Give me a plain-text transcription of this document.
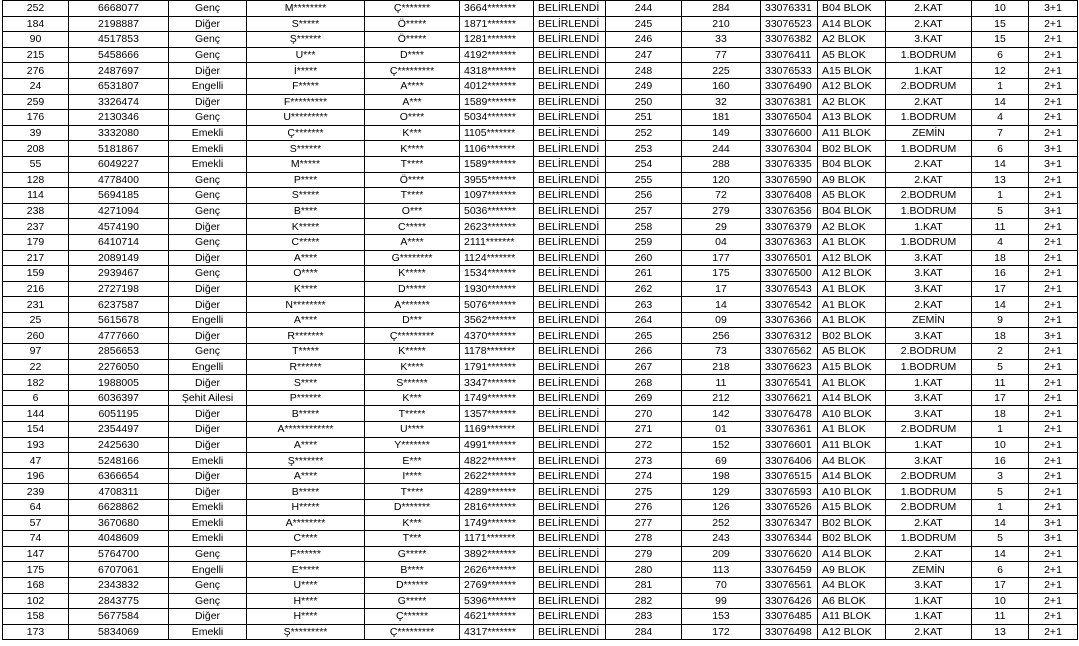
252	6668077	Genç	M********	Ç*******	3664*******	BELİRLENDİ	244	284	33076331	B04 BLOK	2.KAT	10	3+1
184	2198887	Diğer	S*****	Ö*****	1871*******	BELİRLENDİ	245	210	33076523	A14 BLOK	2.KAT	15	2+1
90	4517853	Genç	Ş******	Ö*****	1281*******	BELİRLENDİ	246	33	33076382	A2 BLOK	3.KAT	15	2+1
215	5458666	Genç	U***	D****	4192*******	BELİRLENDİ	247	77	33076411	A5 BLOK	1.BODRUM	6	2+1
276	2487697	Diğer	İ*****	Ç*********	4318*******	BELİRLENDİ	248	225	33076533	A15 BLOK	1.KAT	12	2+1
24	6531807	Engelli	F*****	A****	4012*******	BELİRLENDİ	249	160	33076490	A12 BLOK	2.BODRUM	1	2+1
259	3326474	Diğer	F*********	A***	1589*******	BELİRLENDİ	250	32	33076381	A2 BLOK	2.KAT	14	2+1
176	2130346	Genç	U*********	O****	5034*******	BELİRLENDİ	251	181	33076504	A13 BLOK	1.BODRUM	4	2+1
39	3332080	Emekli	Ç*******	K***	1105*******	BELİRLENDİ	252	149	33076600	A11 BLOK	ZEMİN	7	2+1
208	5181867	Emekli	S******	K****	1106*******	BELİRLENDİ	253	244	33076304	B02 BLOK	1.BODRUM	6	3+1
55	6049227	Emekli	M*****	T****	1589*******	BELİRLENDİ	254	288	33076335	B04 BLOK	2.KAT	14	3+1
128	4778400	Genç	P****	Ö****	3955*******	BELİRLENDİ	255	120	33076590	A9 BLOK	2.KAT	13	2+1
114	5694185	Genç	S*****	T****	1097*******	BELİRLENDİ	256	72	33076408	A5 BLOK	2.BODRUM	1	2+1
238	4271094	Genç	B****	O***	5036*******	BELİRLENDİ	257	279	33076356	B04 BLOK	1.BODRUM	5	3+1
237	4574190	Diğer	K*****	C*****	2623*******	BELİRLENDİ	258	29	33076379	A2 BLOK	1.KAT	11	2+1
179	6410714	Genç	C*****	A****	2111*******	BELİRLENDİ	259	04	33076363	A1 BLOK	1.BODRUM	4	2+1
217	2089149	Diğer	A****	G********	1124*******	BELİRLENDİ	260	177	33076501	A12 BLOK	3.KAT	18	2+1
159	2939467	Genç	O****	K*****	1534*******	BELİRLENDİ	261	175	33076500	A12 BLOK	3.KAT	16	2+1
216	2727198	Diğer	K****	D*****	1930*******	BELİRLENDİ	262	17	33076543	A1 BLOK	3.KAT	17	2+1
231	6237587	Diğer	N********	A*******	5076*******	BELİRLENDİ	263	14	33076542	A1 BLOK	2.KAT	14	2+1
25	5615678	Engelli	A****	D***	3562*******	BELİRLENDİ	264	09	33076366	A1 BLOK	ZEMİN	9	2+1
260	4777660	Diğer	R*******	Ç*********	4370*******	BELİRLENDİ	265	256	33076312	B02 BLOK	3.KAT	18	3+1
97	2856653	Genç	T*****	K*****	1178*******	BELİRLENDİ	266	73	33076562	A5 BLOK	2.BODRUM	2	2+1
22	2276050	Engelli	R******	K****	1791*******	BELİRLENDİ	267	218	33076623	A15 BLOK	1.BODRUM	5	2+1
182	1988005	Diğer	S****	S******	3347*******	BELİRLENDİ	268	11	33076541	A1 BLOK	1.KAT	11	2+1
6	6036397	Şehit Ailesi	P******	K***	1749*******	BELİRLENDİ	269	212	33076621	A14 BLOK	3.KAT	17	2+1
144	6051195	Diğer	B*****	T*****	1357*******	BELİRLENDİ	270	142	33076478	A10 BLOK	3.KAT	18	2+1
154	2354497	Diğer	A************	U****	1169*******	BELİRLENDİ	271	01	33076361	A1 BLOK	2.BODRUM	1	2+1
193	2425630	Diğer	A****	Y*******	4991*******	BELİRLENDİ	272	152	33076601	A11 BLOK	1.KAT	10	2+1
47	5248166	Emekli	Ş*******	E***	4822*******	BELİRLENDİ	273	69	33076406	A4 BLOK	3.KAT	16	2+1
196	6366654	Diğer	A****	I****	2622*******	BELİRLENDİ	274	198	33076515	A14 BLOK	2.BODRUM	3	2+1
239	4708311	Diğer	B*****	T****	4289*******	BELİRLENDİ	275	129	33076593	A10 BLOK	1.BODRUM	5	2+1
64	6628862	Emekli	H*****	D*******	2816*******	BELİRLENDİ	276	126	33076526	A15 BLOK	2.BODRUM	1	2+1
57	3670680	Emekli	A********	K***	1749*******	BELİRLENDİ	277	252	33076347	B02 BLOK	2.KAT	14	3+1
74	4048609	Emekli	C****	T***	1171*******	BELİRLENDİ	278	243	33076344	B02 BLOK	1.BODRUM	5	3+1
147	5764700	Genç	F******	G*****	3892*******	BELİRLENDİ	279	209	33076620	A14 BLOK	2.KAT	14	2+1
175	6707061	Engelli	E*****	B****	2626*******	BELİRLENDİ	280	113	33076459	A9 BLOK	ZEMİN	6	2+1
168	2343832	Genç	U****	D******	2769*******	BELİRLENDİ	281	70	33076561	A4 BLOK	3.KAT	17	2+1
102	2843775	Genç	H****	G*****	5396*******	BELİRLENDİ	282	99	33076426	A6 BLOK	1.KAT	10	2+1
158	5677584	Diğer	H****	Ç******	4621*******	BELİRLENDİ	283	153	33076485	A11 BLOK	1.KAT	11	2+1
173	5834069	Emekli	Ş*********	Ç*********	4317*******	BELİRLENDİ	284	172	33076498	A12 BLOK	2.KAT	13	2+1
